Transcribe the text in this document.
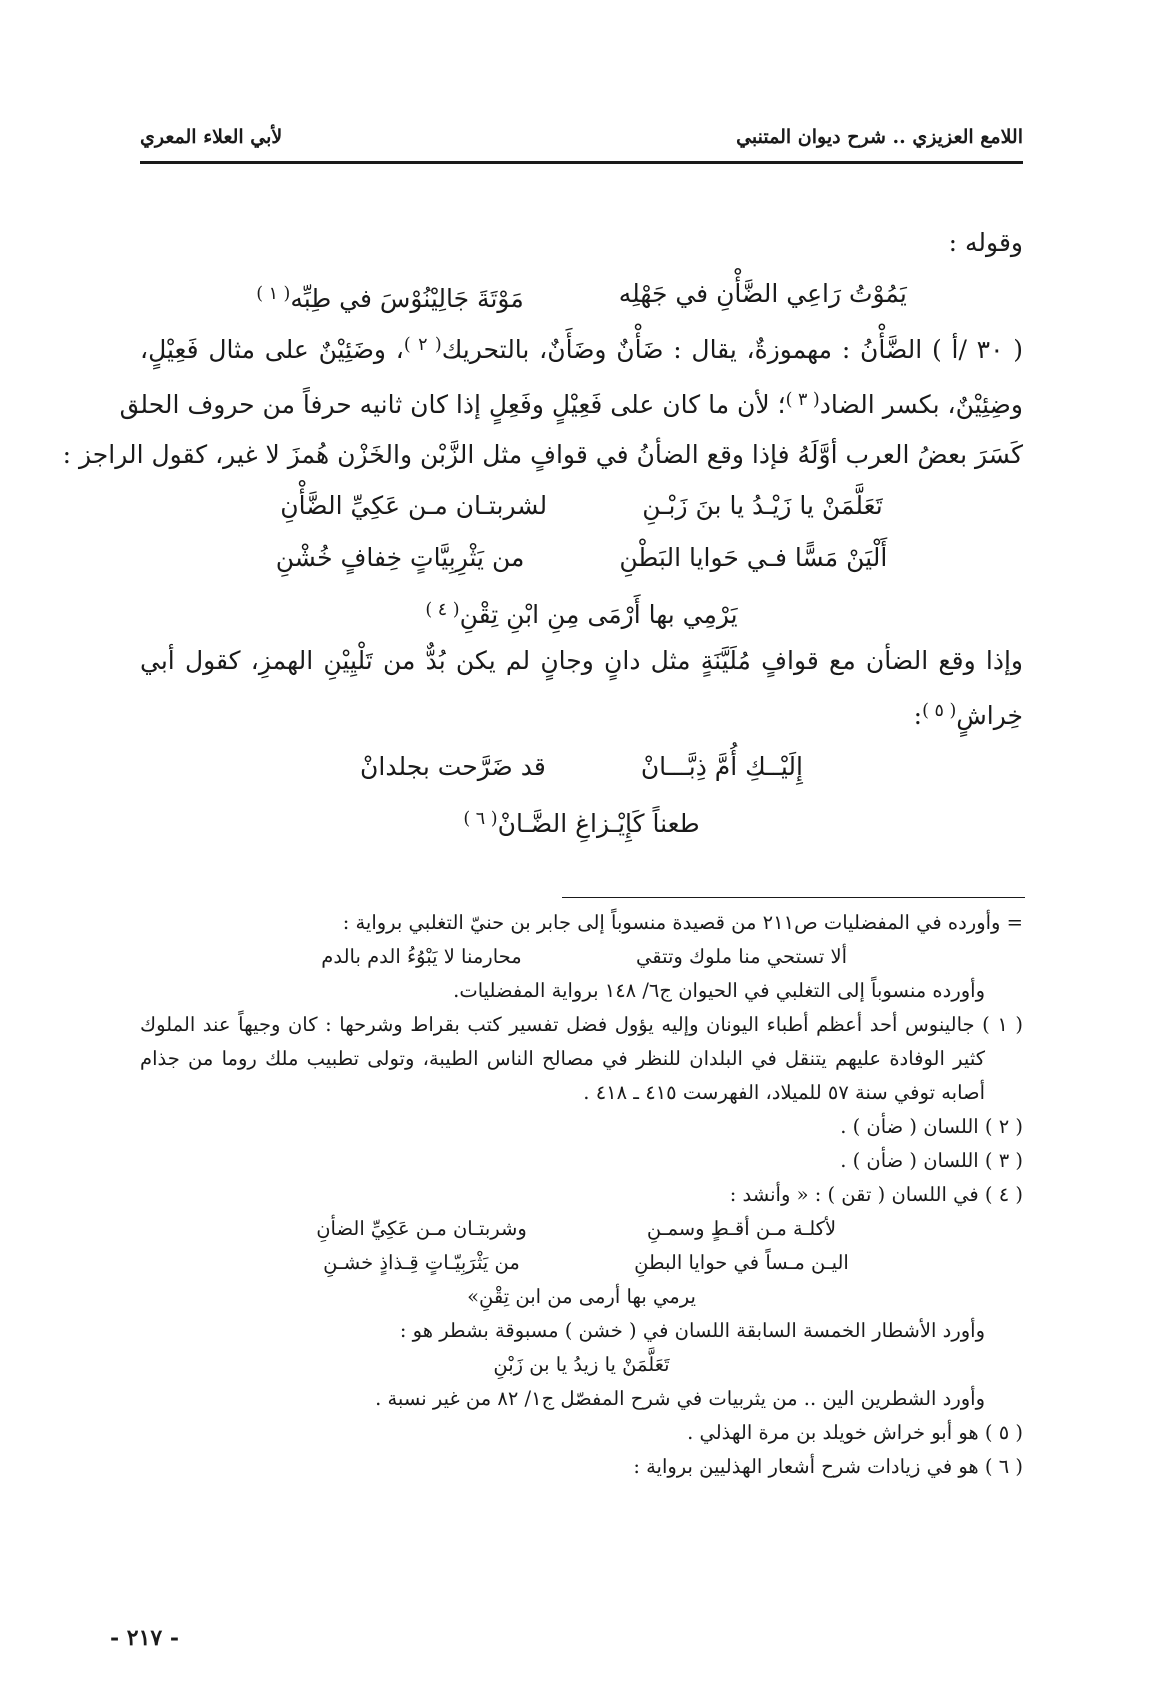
اللامع العزيزي .. شرح ديوان المتنبي
لأبي العلاء المعري
وقوله :
يَمُوْتُ رَاعِي الضَّأْنِ في جَهْلِه
مَوْتَةَ جَالِيْنُوْسَ في طِبِّه$^{( ١ )}$
( ٣٠ /أ ) الضَّأْنُ : مهموزةٌ، يقال : ضَأْنٌ وضَأَنٌ، بالتحريك$^{( ٢ )}$، وضَئِيْنٌ على مثال فَعِيْلٍ،
وضِئِيْنٌ، بكسر الضاد$^{( ٣ )}$؛ لأن ما كان على فَعِيْلٍ وفَعِلٍ إذا كان ثانيه حرفاً من حروف الحلق
كَسَرَ بعضُ العرب أوَّلَهُ فإذا وقع الضأنُ في قوافٍ مثل الزَّبْن والخَزْن هُمزَ لا غير، كقول الراجز :
تَعَلَّمَنْ يا زَيْـدُ يا بنَ زَبْـنِ
لشربتـان مـن عَكِيِّ الضَّأْنِ
أَلْيَنْ مَسًّا فـي حَوايا البَطْنِ
من يَثْرِبِيَّاتٍ خِفافٍ خُشْنِ
يَرْمِي بها أَرْمَى مِنِ ابْنِ تِقْنِ$^{( ٤ )}$
وإذا وقع الضأن مع قوافٍ مُلَيَّنَةٍ مثل دانٍ وجانٍ لم يكن بُدٌّ من تَلْيِيْنِ الهمزِ، كقول أبي
خِراشٍ$^{( ٥ )}$:
إِلَيْــكِ أُمَّ ذِبَّـــانْ
قد ضَرَّحت بجلدانْ
طعناً كَإِيْـزاغِ الضَّـانْ$^{( ٦ )}$
= وأورده في المفضليات ص٢١١ من قصيدة منسوباً إلى جابر بن حنيّ التغلبي برواية :
ألا تستحي منا ملوك وتتقي
محارمنا لا يَبْوُءُ الدم بالدم
وأورده منسوباً إلى التغلبي في الحيوان ج٦/ ١٤٨ برواية المفضليات.
( ١ ) جالينوس أحد أعظم أطباء اليونان وإليه يؤول فضل تفسير كتب بقراط وشرحها : كان وجيهاً عند الملوك
كثير الوفادة عليهم يتنقل في البلدان للنظر في مصالح الناس الطيبة، وتولى تطبيب ملك روما من جذام
أصابه توفي سنة ٥٧ للميلاد، الفهرست ٤١٥ ـ ٤١٨ .
( ٢ ) اللسان ( ضأن ) .
( ٣ ) اللسان ( ضأن ) .
( ٤ ) في اللسان ( تقن ) : « وأنشد :
لأكلـة مـن أقـطٍ وسمـنِ
وشربتـان مـن عَكِيِّ الضأنِ
اليـن مـساً في حوايا البطنِ
من يَثْرَبِيّـاتٍ قِـذاذٍ خشـنِ
يرمي بها أرمى من ابن تِقْنِ»
وأورد الأشطار الخمسة السابقة اللسان في ( خشن ) مسبوقة بشطر هو :
تَعَلَّمَنْ يا زيدُ يا بن زَبْنِ
وأورد الشطرين الين .. من يثربيات في شرح المفصّل ج١/ ٨٢ من غير نسبة .
( ٥ ) هو أبو خراش خويلد بن مرة الهذلي .
( ٦ ) هو في زيادات شرح أشعار الهذليين برواية :
- ٢١٧ -
